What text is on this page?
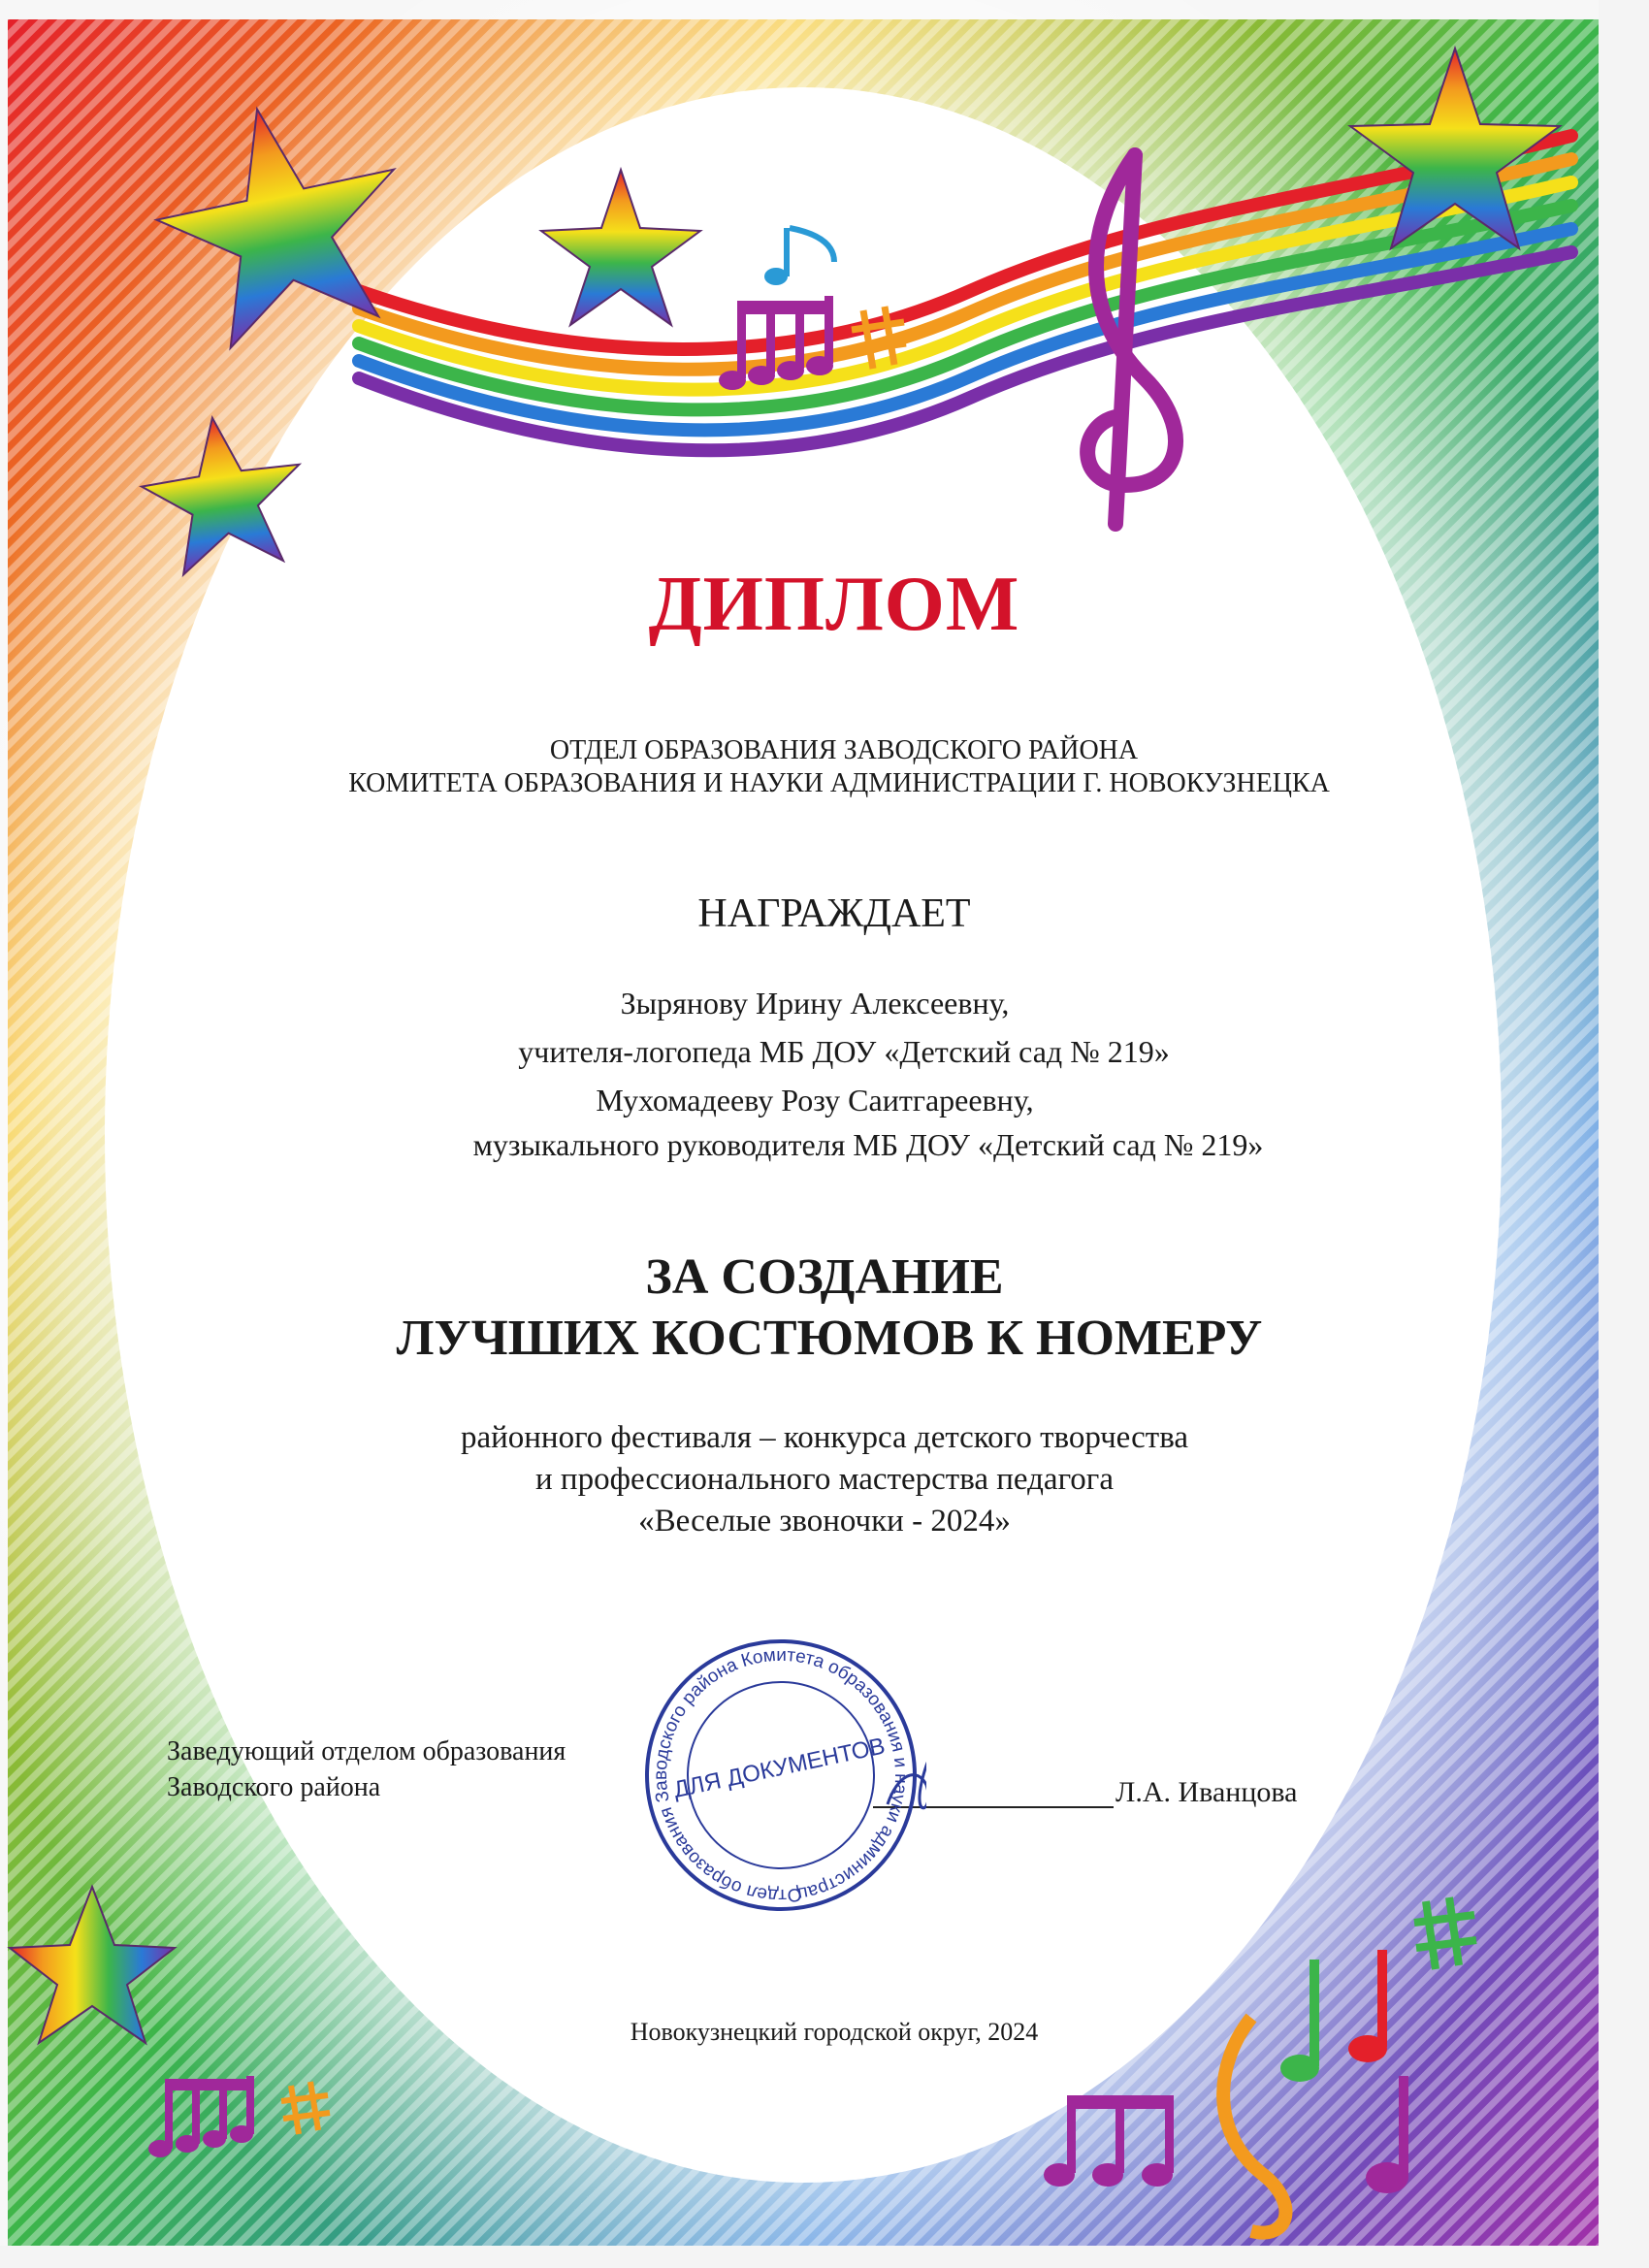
ДИПЛОМ
ОТДЕЛ ОБРАЗОВАНИЯ ЗАВОДСКОГО РАЙОНА
КОМИТЕТА ОБРАЗОВАНИЯ И НАУКИ АДМИНИСТРАЦИИ Г. НОВОКУЗНЕЦКА
НАГРАЖДАЕТ
Зырянову Ирину Алексеевну,
учителя-логопеда МБ ДОУ «Детский сад № 219»
Мухомадееву Розу Саитгареевну,
музыкального руководителя МБ ДОУ «Детский сад № 219»
ЗА СОЗДАНИЕ
ЛУЧШИХ КОСТЮМОВ К НОМЕРУ
районного фестиваля – конкурса детского творчества
и профессионального мастерства педагога
«Веселые звоночки - 2024»
Заведующий отделом образования
Заводского района	Л.А. Иванцова
Отдел образования Заводского района Комитета образования и науки администрации
ДЛЯ ДОКУМЕНТОВ
Новокузнецкий городской округ, 2024
